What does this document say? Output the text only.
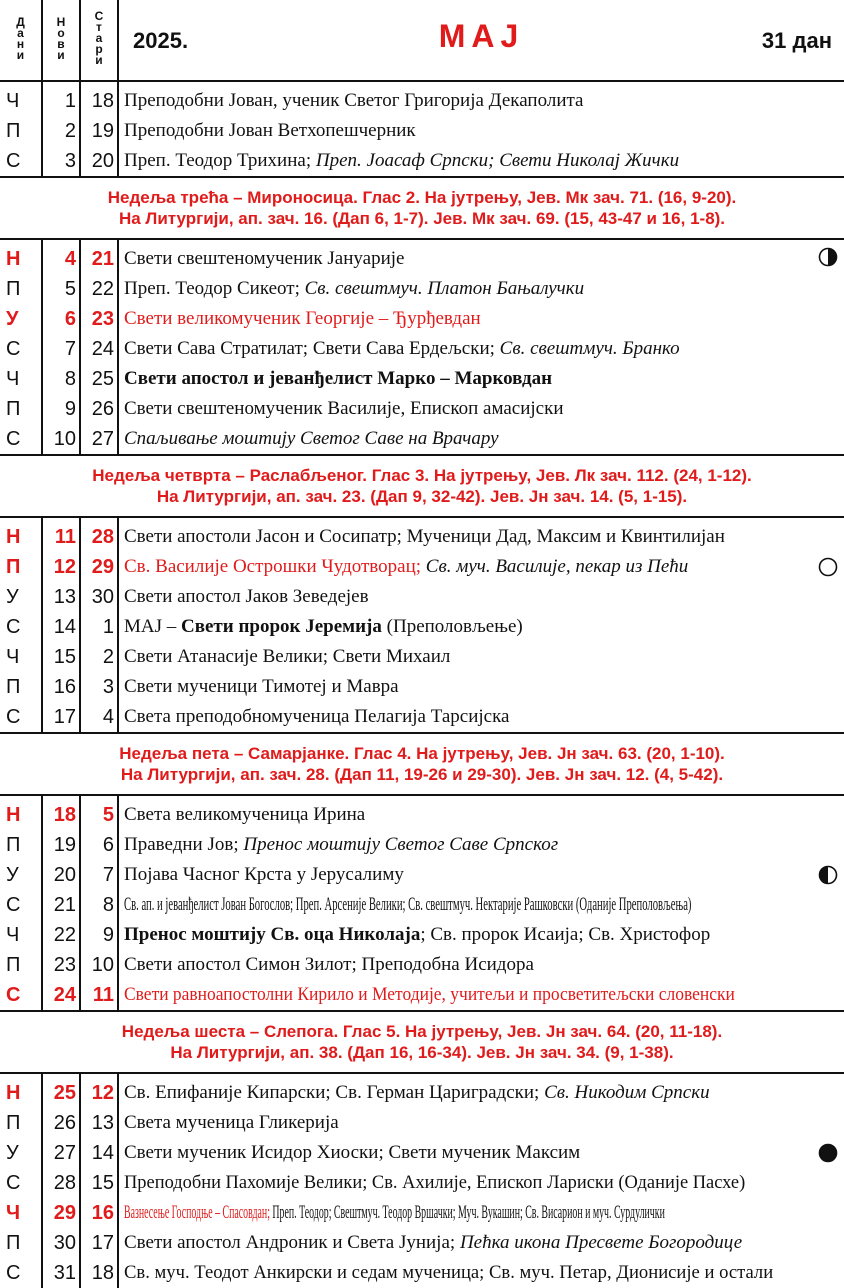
Дани	Нови	Стари	2025. МАЈ 31 дан

Ч	1	18	Преподобни Јован, ученик Светог Григорија Декаполита
П	2	19	Преподобни Јован Ветхопешчерник
С	3	20	Преп. Теодор Трихина; Преп. Јоасаф Српски; Свети Николај Жички

Недеља трећа – Мироносица. Глас 2. На јутрењу, Јев. Мк зач. 71. (16, 9-20).
На Литургији, ап. зач. 16. (Дап 6, 1-7). Јев. Мк зач. 69. (15, 43-47 и 16, 1-8).			

Н	4	21	Свети свештеномученик Јануарије

П	5	22	Преп. Теодор Сикеот; Св. свештмуч. Платон Бањалучки
У	6	23	Свети великомученик Георгије – Ђурђевдан
С	7	24	Свети Сава Стратилат; Свети Сава Ердељски; Св. свештмуч. Бранко
Ч	8	25	Свети апостол и јеванђелист Марко – Марковдан
П	9	26	Свети свештеномученик Василије, Епископ амасијски
С	10	27	Спаљивање моштију Светог Саве на Врачару

Недеља четврта – Раслабљеног. Глас 3. На јутрењу, Јев. Лк зач. 112. (24, 1-12).
На Литургији, ап. зач. 23. (Дап 9, 32-42). Јев. Јн зач. 14. (5, 1-15).			

Н	11	28	Свети апостоли Јасон и Сосипатр; Мученици Дад, Максим и Квинтилијан
П	12	29	Св. Василије Острошки Чудотворац; Св. муч. Василије, пекар из Пећи

У	13	30	Свети апостол Јаков Зеведејев
С	14	1	МАЈ – Свети пророк Јеремија (Преполовљење)
Ч	15	2	Свети Атанасије Велики; Свети Михаил
П	16	3	Свети мученици Тимотеј и Мавра
С	17	4	Света преподобномученица Пелагија Тарсијска

Недеља пета – Самарјанке. Глас 4. На јутрењу, Јев. Јн зач. 63. (20, 1-10).
На Литургији, ап. зач. 28. (Дап 11, 19-26 и 29-30). Јев. Јн зач. 12. (4, 5-42).			

Н	18	5	Света великомученица Ирина
П	19	6	Праведни Јов; Пренос моштију Светог Саве Српског
У	20	7	Појава Часног Крста у Јерусалиму

С	21	8	Св. ап. и јеванђелист Јован Богослов; Преп. Арсеније Велики; Св. свештмуч. Нектарије Рашковски (Оданије Преполовљења)
Ч	22	9	Пренос моштију Св. оца Николаја; Св. пророк Исаија; Св. Христофор
П	23	10	Свети апостол Симон Зилот; Преподобна Исидора
С	24	11	Свети равноапостолни Кирило и Методије, учитељи и просветитељски словенски

Недеља шеста – Слепога. Глас 5. На јутрењу, Јев. Јн зач. 64. (20, 11-18).
На Литургији, ап. 38. (Дап 16, 16-34). Јев. Јн зач. 34. (9, 1-38).			

Н	25	12	Св. Епифаније Кипарски; Св. Герман Цариградски; Св. Никодим Српски
П	26	13	Света мученица Гликерија
У	27	14	Свети мученик Исидор Хиоски; Свети мученик Максим

С	28	15	Преподобни Пахомије Велики; Св. Ахилије, Епископ Лариски (Оданије Пасхе)
Ч	29	16	Вазнесење Господње – Спасовдан; Преп. Теодор; Свештмуч. Теодор Вршачки; Муч. Вукашин; Св. Висарион и муч. Сурдулички
П	30	17	Свети апостол Андроник и Света Јунија; Пећка икона Пресвете Богородице
С	31	18	Св. муч. Теодот Анкирски и седам мученица; Св. муч. Петар, Дионисије и остали
